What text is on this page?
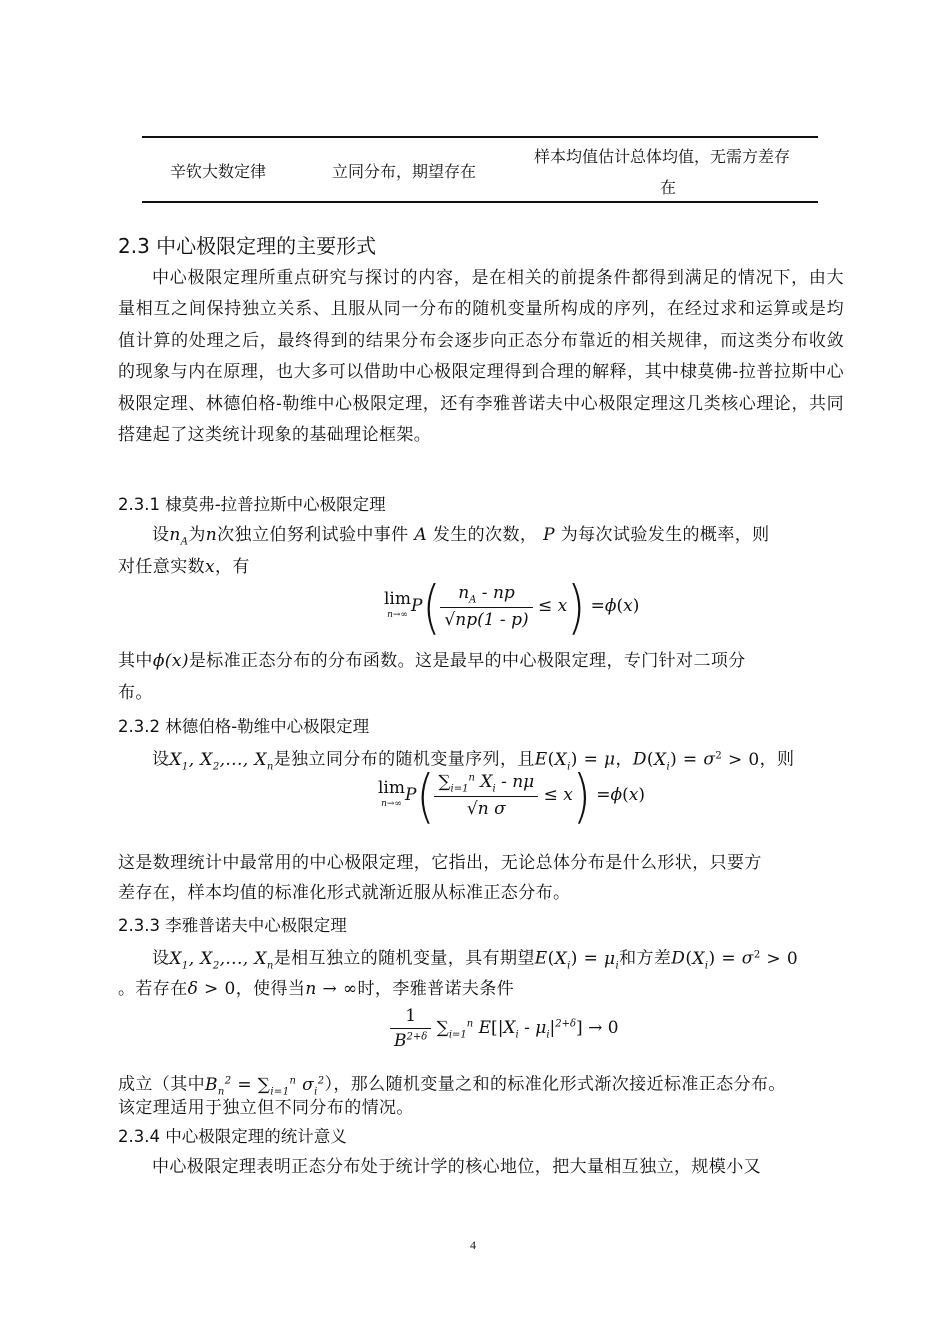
辛钦大数定律	立同分布，期望存在
样本均值估计总体均值，无需方差存
在
2.3 中心极限定理的主要形式

中心极限定理所重点研究与探讨的内容，是在相关的前提条件都得到满足的情况下，由大量相互之间保持独立关系、且服从同一分布的随机变量所构成的序列，在经过求和运算或是均值计算的处理之后，最终得到的结果分布会逐步向正态分布靠近的相关规律，而这类分布收敛的现象与内在原理，也大多可以借助中心极限定理得到合理的解释，其中棣莫佛-拉普拉斯中心极限定理、林德伯格-勒维中心极限定理，还有李雅普诺夫中心极限定理这几类核心理论，共同搭建起了这类统计现象的基础理论框架。

2.3.1 棣莫弗-拉普拉斯中心极限定理
设$n_A$为n次独立伯努利试验中事件 A 发生的次数， P 为每次试验发生的概率，则
对任意实数x，有
lim
n→∞ $P( \frac{n_A - np}{√np(1 - p)} \le x) =\phi(x)$
其中ϕ(x)是标准正态分布的分布函数。这是最早的中心极限定理，专门针对二项分
布。
2.3.2 林德伯格-勒维中心极限定理
设$X_1$, $X_2$,..., $X_n$是独立同分布的随机变量序列，且$E(X_i) = \mu$，$D(X_i) = \sigma^2 > 0$，则
lim
n→∞ $P( \frac{\sum_{i=1}^n X_i - n\mu}{\text{√n σ}} \le x) =\phi(x)$
这是数理统计中最常用的中心极限定理，它指出，无论总体分布是什么形状，只要方
差存在，样本均值的标准化形式就渐近服从标准正态分布。
2.3.3 李雅普诺夫中心极限定理
设$X_1$, $X_2$,..., $X_n$是相互独立的随机变量，具有期望$E(X_i) = \mu_i$和方差$D(X_i) = \sigma^2 > 0$
。若存在δ > 0，使得当n → ∞时，李雅普诺夫条件
$\frac{1}{B^{2+\delta}} \sum_{i=1}^n$ $E[|X_i - \mu_i|^{2+\delta}] \to 0$
成立（其中$B_n^2 = \sum_{i=1}^n$ $\sigma_i^2$），那么随机变量之和的标准化形式渐次接近标准正态分布。
该定理适用于独立但不同分布的情况。
2.3.4 中心极限定理的统计意义
中心极限定理表明正态分布处于统计学的核心地位，把大量相互独立，规模小又
4
